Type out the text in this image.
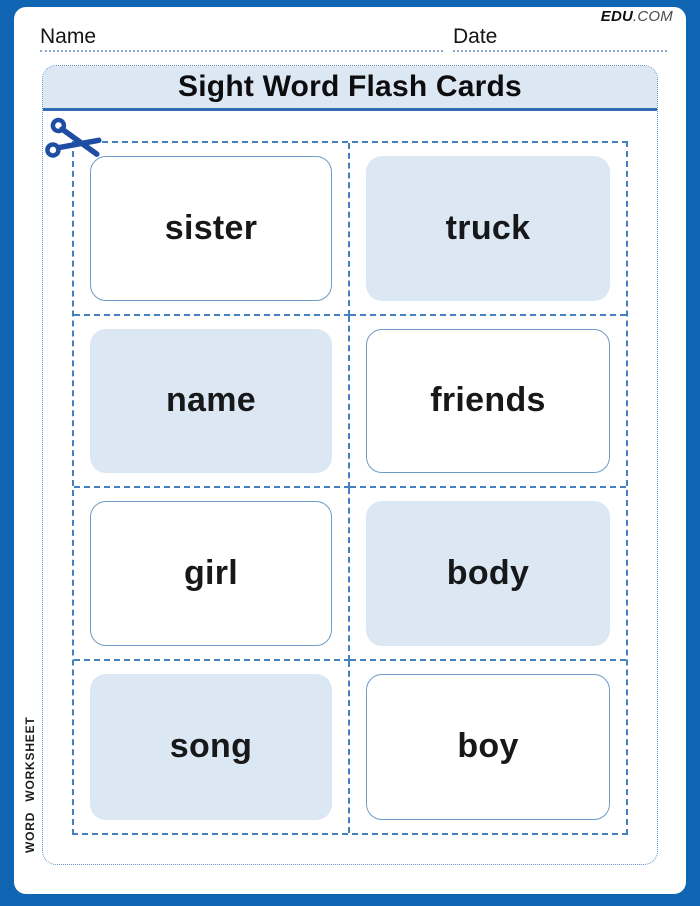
EDU.COM
Name	Date
Sight Word Flash Cards
sister	truck
name	friends
girl	body
song	boy
WORD WORKSHEET
